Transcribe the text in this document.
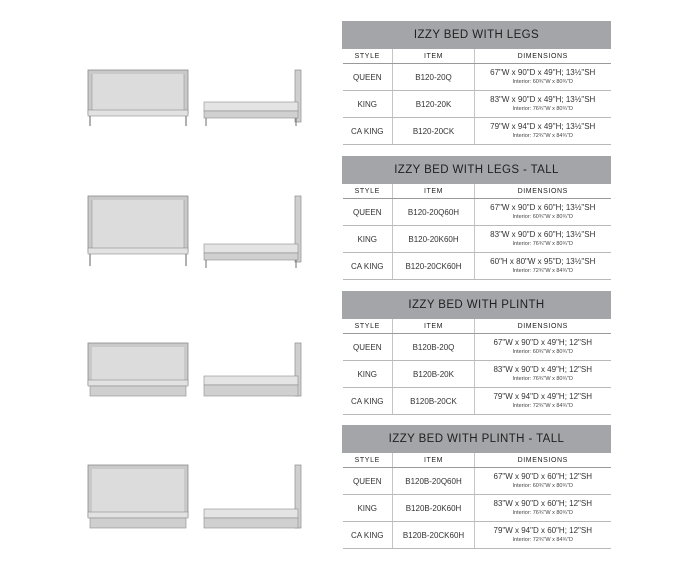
IZZY BED WITH LEGS		
STYLE	ITEM	DIMENSIONS
QUEEN	B120-20Q	67"W x 90"D x 49"H; 13½"SH
Interior: 60¾"W x 80¾"D

KING	B120-20K	83"W x 90"D x 49"H; 13½"SH
Interior: 76¾"W x 80¾"D

CA KING	B120-20CK	79"W x 94"D x 49"H; 13½"SH
Interior: 72¾"W x 84¾"D
IZZY BED WITH LEGS - TALL		
STYLE	ITEM	DIMENSIONS
QUEEN	B120-20Q60H	67"W x 90"D x 60"H; 13½"SH
Interior: 60¾"W x 80¾"D

KING	B120-20K60H	83"W x 90"D x 60"H; 13½"SH
Interior: 76¾"W x 80¾"D

CA KING	B120-20CK60H	60"H x 80"W x 95"D; 13½"SH
Interior: 72¾"W x 84¾"D
IZZY BED WITH PLINTH		
STYLE	ITEM	DIMENSIONS
QUEEN	B120B-20Q	67"W x 90"D x 49"H; 12"SH
Interior: 60¾"W x 80¾"D

KING	B120B-20K	83"W x 90"D x 49"H; 12"SH
Interior: 76¾"W x 80¾"D

CA KING	B120B-20CK	79"W x 94"D x 49"H; 12"SH
Interior: 72¾"W x 84¾"D
IZZY BED WITH PLINTH - TALL		
STYLE	ITEM	DIMENSIONS
QUEEN	B120B-20Q60H	67"W x 90"D x 60"H; 12"SH
Interior: 60¾"W x 80¾"D

KING	B120B-20K60H	83"W x 90"D x 60"H; 12"SH
Interior: 76¾"W x 80¾"D

CA KING	B120B-20CK60H	79"W x 94"D x 60"H; 12"SH
Interior: 72¾"W x 84¾"D
